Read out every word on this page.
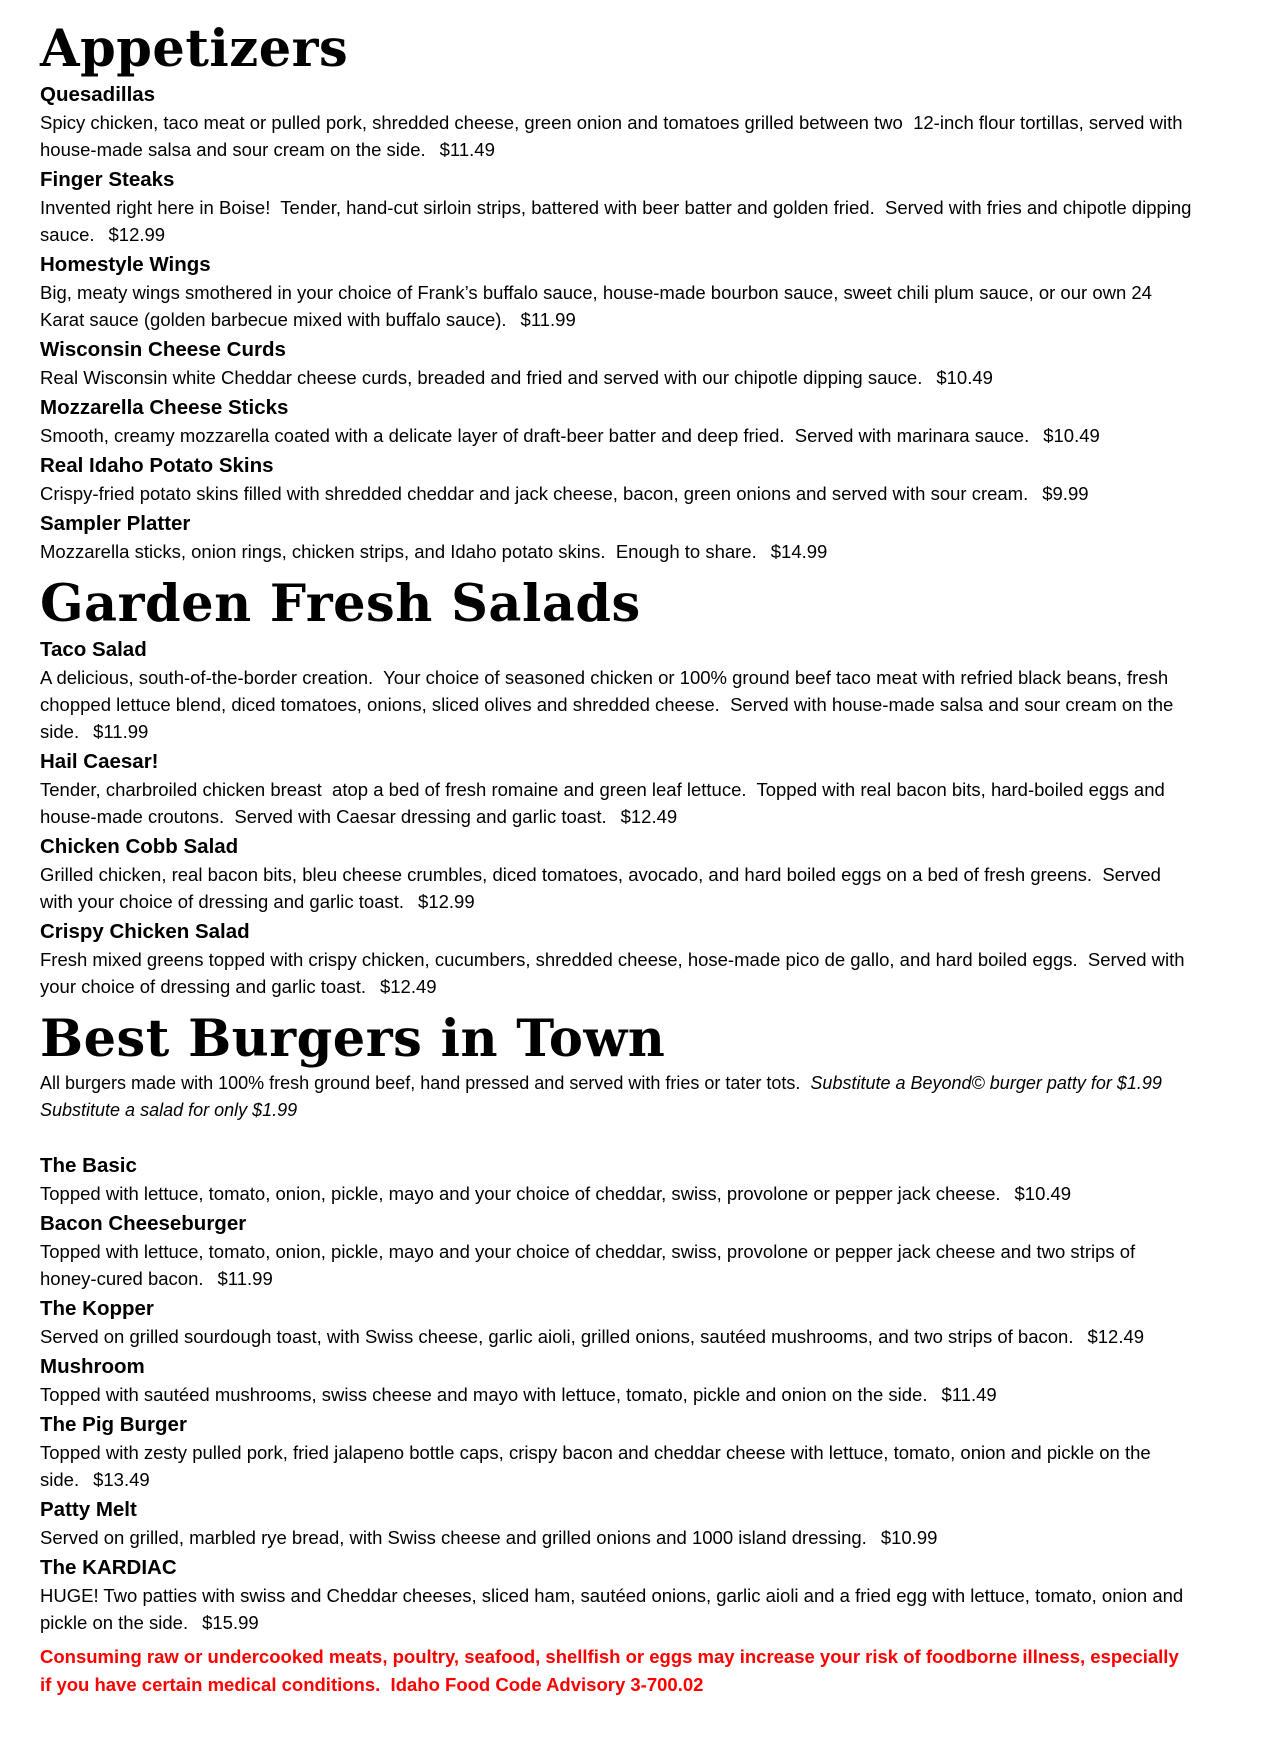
Appetizers
Quesadillas

Spicy chicken, taco meat or pulled pork, shredded cheese, green onion and tomatoes grilled between two  12-inch flour tortillas, served with house-made salsa and sour cream on the side. $11.49

Finger Steaks

Invented right here in Boise!  Tender, hand-cut sirloin strips, battered with beer batter and golden fried.  Served with fries and chipotle dipping sauce. $12.99

Homestyle Wings

Big, meaty wings smothered in your choice of Frank’s buffalo sauce, house-made bourbon sauce, sweet chili plum sauce, or our own 24 Karat sauce (golden barbecue mixed with buffalo sauce). $11.99

Wisconsin Cheese Curds

Real Wisconsin white Cheddar cheese curds, breaded and fried and served with our chipotle dipping sauce. $10.49

Mozzarella Cheese Sticks

Smooth, creamy mozzarella coated with a delicate layer of draft-beer batter and deep fried.  Served with marinara sauce. $10.49

Real Idaho Potato Skins

Crispy-fried potato skins filled with shredded cheddar and jack cheese, bacon, green onions and served with sour cream. $9.99

Sampler Platter

Mozzarella sticks, onion rings, chicken strips, and Idaho potato skins.  Enough to share. $14.99

Garden Fresh Salads
Taco Salad

A delicious, south-of-the-border creation.  Your choice of seasoned chicken or 100% ground beef taco meat with refried black beans, fresh chopped lettuce blend, diced tomatoes, onions, sliced olives and shredded cheese.  Served with house-made salsa and sour cream on the side. $11.99

Hail Caesar!

Tender, charbroiled chicken breast  atop a bed of fresh romaine and green leaf lettuce.  Topped with real bacon bits, hard-boiled eggs and house-made croutons.  Served with Caesar dressing and garlic toast. $12.49

Chicken Cobb Salad

Grilled chicken, real bacon bits, bleu cheese crumbles, diced tomatoes, avocado, and hard boiled eggs on a bed of fresh greens.  Served with your choice of dressing and garlic toast. $12.99

Crispy Chicken Salad

Fresh mixed greens topped with crispy chicken, cucumbers, shredded cheese, hose-made pico de gallo, and hard boiled eggs.  Served with your choice of dressing and garlic toast. $12.49

Best Burgers in Town

All burgers made with 100% fresh ground beef, hand pressed and served with fries or tater tots. Substitute a Beyond© burger patty for $1.99  Substitute a salad for only $1.99

The Basic

Topped with lettuce, tomato, onion, pickle, mayo and your choice of cheddar, swiss, provolone or pepper jack cheese. $10.49

Bacon Cheeseburger

Topped with lettuce, tomato, onion, pickle, mayo and your choice of cheddar, swiss, provolone or pepper jack cheese and two strips of honey-cured bacon. $11.99

The Kopper

Served on grilled sourdough toast, with Swiss cheese, garlic aioli, grilled onions, sautéed mushrooms, and two strips of bacon. $12.49

Mushroom

Topped with sautéed mushrooms, swiss cheese and mayo with lettuce, tomato, pickle and onion on the side. $11.49

The Pig Burger

Topped with zesty pulled pork, fried jalapeno bottle caps, crispy bacon and cheddar cheese with lettuce, tomato, onion and pickle on the side. $13.49

Patty Melt

Served on grilled, marbled rye bread, with Swiss cheese and grilled onions and 1000 island dressing. $10.99

The KARDIAC

HUGE! Two patties with swiss and Cheddar cheeses, sliced ham, sautéed onions, garlic aioli and a fried egg with lettuce, tomato, onion and pickle on the side. $15.99

Consuming raw or undercooked meats, poultry, seafood, shellfish or eggs may increase your risk of foodborne illness, especially if you have certain medical conditions.  Idaho Food Code Advisory 3-700.02
